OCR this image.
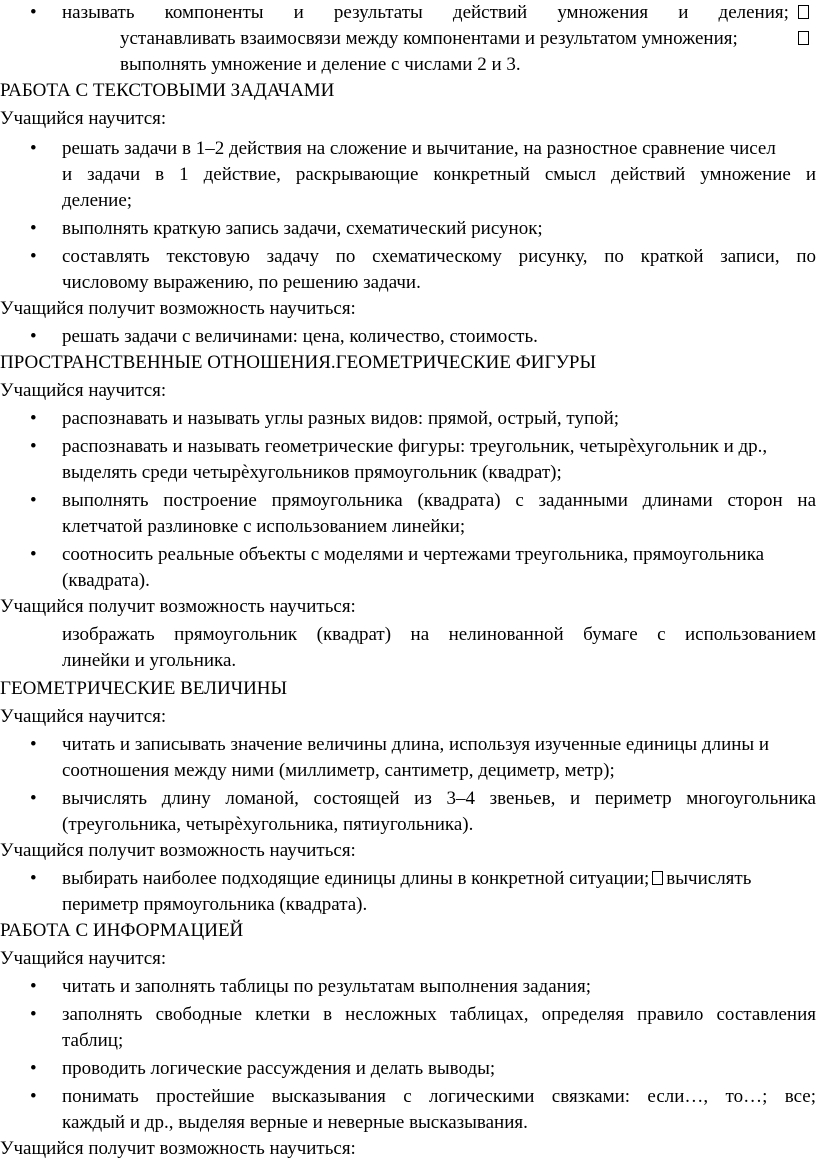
• называть компоненты и результаты действий умножения и деления;
устанавливать взаимосвязи между компонентами и результатом умножения;
выполнять умножение и деление с числами 2 и 3.
РАБОТА С ТЕКСТОВЫМИ ЗАДАЧАМИ
Учащийся научится:
• решать задачи в 1–2 действия на сложение и вычитание, на разностное сравнение чисел
и задачи в 1 действие, раскрывающие конкретный смысл действий умножение и
деление;
• выполнять краткую запись задачи, схематический рисунок;
• составлять текстовую задачу по схематическому рисунку, по краткой записи, по
числовому выражению, по решению задачи.
Учащийся получит возможность научиться:
• решать задачи с величинами: цена, количество, стоимость.
ПРОСТРАНСТВЕННЫЕ ОТНОШЕНИЯ.ГЕОМЕТРИЧЕСКИЕ ФИГУРЫ
Учащийся научится:
• распознавать и называть углы разных видов: прямой, острый, тупой;
• распознавать и называть геометрические фигуры: треугольник, четырѐхугольник и др.,
выделять среди четырѐхугольников прямоугольник (квадрат);
• выполнять построение прямоугольника (квадрата) с заданными длинами сторон на
клетчатой разлиновке с использованием линейки;
• соотносить реальные объекты с моделями и чертежами треугольника, прямоугольника
(квадрата).
Учащийся получит возможность научиться:
изображать прямоугольник (квадрат) на нелинованной бумаге с использованием
линейки и угольника.
ГЕОМЕТРИЧЕСКИЕ ВЕЛИЧИНЫ
Учащийся научится:
• читать и записывать значение величины длина, используя изученные единицы длины и
соотношения между ними (миллиметр, сантиметр, дециметр, метр);
• вычислять длину ломаной, состоящей из 3–4 звеньев, и периметр многоугольника
(треугольника, четырѐхугольника, пятиугольника).
Учащийся получит возможность научиться:
• выбирать наиболее подходящие единицы длины в конкретной ситуации; вычислять
периметр прямоугольника (квадрата).
РАБОТА С ИНФОРМАЦИЕЙ
Учащийся научится:
• читать и заполнять таблицы по результатам выполнения задания;
• заполнять свободные клетки в несложных таблицах, определяя правило составления
таблиц;
• проводить логические рассуждения и делать выводы;
• понимать простейшие высказывания с логическими связками: если…, то…; все;
каждый и др., выделяя верные и неверные высказывания.
Учащийся получит возможность научиться:
